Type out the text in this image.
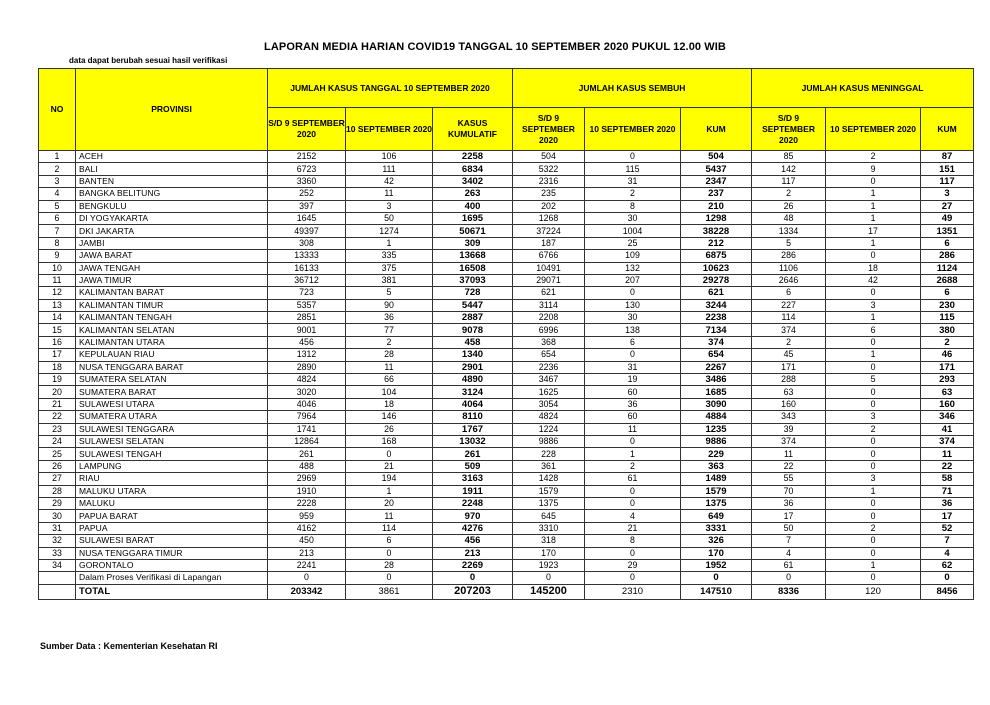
LAPORAN MEDIA HARIAN COVID19 TANGGAL 10 SEPTEMBER 2020 PUKUL 12.00 WIB
data dapat berubah sesuai hasil verifikasi
NO	PROVINSI	JUMLAH KASUS TANGGAL 10 SEPTEMBER 2020			JUMLAH KASUS SEMBUH			JUMLAH KASUS MENINGGAL		
		S/D 9 SEPTEMBER 2020	10 SEPTEMBER 2020	KASUS KUMULATIF	S/D 9 SEPTEMBER 2020	10 SEPTEMBER 2020	KUM	S/D 9 SEPTEMBER 2020	10 SEPTEMBER 2020	KUM
1	ACEH	2152	106	2258	504	0	504	85	2	87
2	BALI	6723	111	6834	5322	115	5437	142	9	151
3	BANTEN	3360	42	3402	2316	31	2347	117	0	117
4	BANGKA BELITUNG	252	11	263	235	2	237	2	1	3
5	BENGKULU	397	3	400	202	8	210	26	1	27
6	DI YOGYAKARTA	1645	50	1695	1268	30	1298	48	1	49
7	DKI JAKARTA	49397	1274	50671	37224	1004	38228	1334	17	1351
8	JAMBI	308	1	309	187	25	212	5	1	6
9	JAWA BARAT	13333	335	13668	6766	109	6875	286	0	286
10	JAWA TENGAH	16133	375	16508	10491	132	10623	1106	18	1124
11	JAWA TIMUR	36712	381	37093	29071	207	29278	2646	42	2688
12	KALIMANTAN BARAT	723	5	728	621	0	621	6	0	6
13	KALIMANTAN TIMUR	5357	90	5447	3114	130	3244	227	3	230
14	KALIMANTAN TENGAH	2851	36	2887	2208	30	2238	114	1	115
15	KALIMANTAN SELATAN	9001	77	9078	6996	138	7134	374	6	380
16	KALIMANTAN UTARA	456	2	458	368	6	374	2	0	2
17	KEPULAUAN RIAU	1312	28	1340	654	0	654	45	1	46
18	NUSA TENGGARA BARAT	2890	11	2901	2236	31	2267	171	0	171
19	SUMATERA SELATAN	4824	66	4890	3467	19	3486	288	5	293
20	SUMATERA BARAT	3020	104	3124	1625	60	1685	63	0	63
21	SULAWESI UTARA	4046	18	4064	3054	36	3090	160	0	160
22	SUMATERA UTARA	7964	146	8110	4824	60	4884	343	3	346
23	SULAWESI TENGGARA	1741	26	1767	1224	11	1235	39	2	41
24	SULAWESI SELATAN	12864	168	13032	9886	0	9886	374	0	374
25	SULAWESI TENGAH	261	0	261	228	1	229	11	0	11
26	LAMPUNG	488	21	509	361	2	363	22	0	22
27	RIAU	2969	194	3163	1428	61	1489	55	3	58
28	MALUKU UTARA	1910	1	1911	1579	0	1579	70	1	71
29	MALUKU	2228	20	2248	1375	0	1375	36	0	36
30	PAPUA BARAT	959	11	970	645	4	649	17	0	17
31	PAPUA	4162	114	4276	3310	21	3331	50	2	52
32	SULAWESI BARAT	450	6	456	318	8	326	7	0	7
33	NUSA TENGGARA TIMUR	213	0	213	170	0	170	4	0	4
34	GORONTALO	2241	28	2269	1923	29	1952	61	1	62
	Dalam Proses Verifikasi di Lapangan	0	0	0	0	0	0	0	0	0
	TOTAL	203342	3861	207203	145200	2310	147510	8336	120	8456
Sumber Data : Kementerian Kesehatan RI
